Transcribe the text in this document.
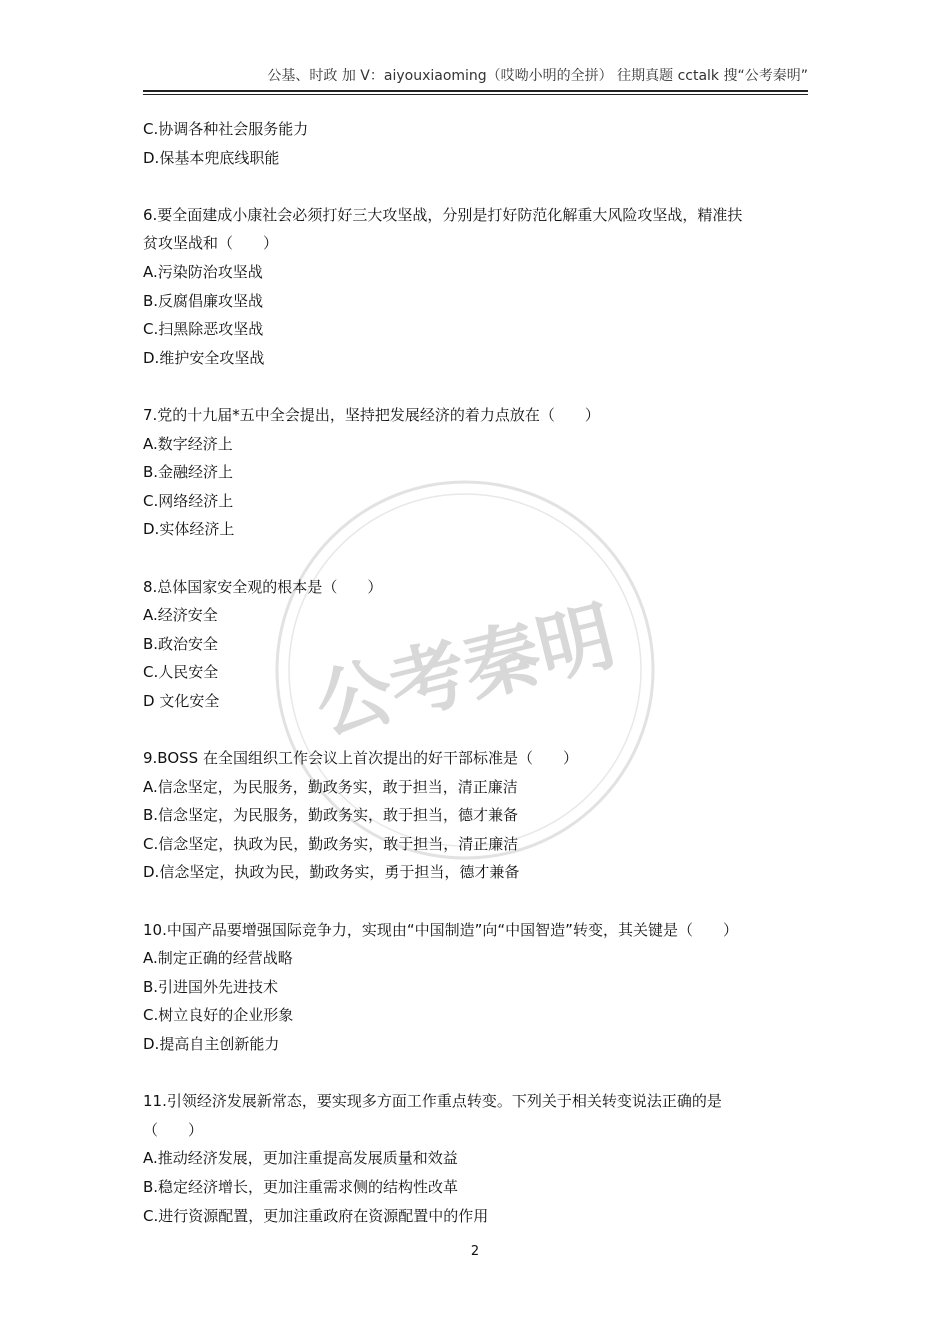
公基、时政 加 V：aiyouxiaoming（哎呦小明的全拼） 往期真题 cctalk 搜“公考秦明”
公考秦明
C.协调各种社会服务能力
D.保基本兜底线职能
6.要全面建成小康社会必须打好三大攻坚战，分别是打好防范化解重大风险攻坚战，精准扶
贫攻坚战和（　　）
A.污染防治攻坚战
B.反腐倡廉攻坚战
C.扫黑除恶攻坚战
D.维护安全攻坚战
7.党的十九届*五中全会提出，坚持把发展经济的着力点放在（　　）
A.数字经济上
B.金融经济上
C.网络经济上
D.实体经济上
8.总体国家安全观的根本是（　　）
A.经济安全
B.政治安全
C.人民安全
D 文化安全
9.BOSS 在全国组织工作会议上首次提出的好干部标准是（　　）
A.信念坚定，为民服务，勤政务实，敢于担当，清正廉洁
B.信念坚定，为民服务，勤政务实，敢于担当，德才兼备
C.信念坚定，执政为民，勤政务实，敢于担当，清正廉洁
D.信念坚定，执政为民，勤政务实，勇于担当，德才兼备
10.中国产品要增强国际竞争力，实现由“中国制造”向“中国智造”转变，其关键是（　　）
A.制定正确的经营战略
B.引进国外先进技术
C.树立良好的企业形象
D.提高自主创新能力
11.引领经济发展新常态，要实现多方面工作重点转变。下列关于相关转变说法正确的是
（　　）
A.推动经济发展，更加注重提高发展质量和效益
B.稳定经济增长，更加注重需求侧的结构性改革
C.进行资源配置，更加注重政府在资源配置中的作用
2
